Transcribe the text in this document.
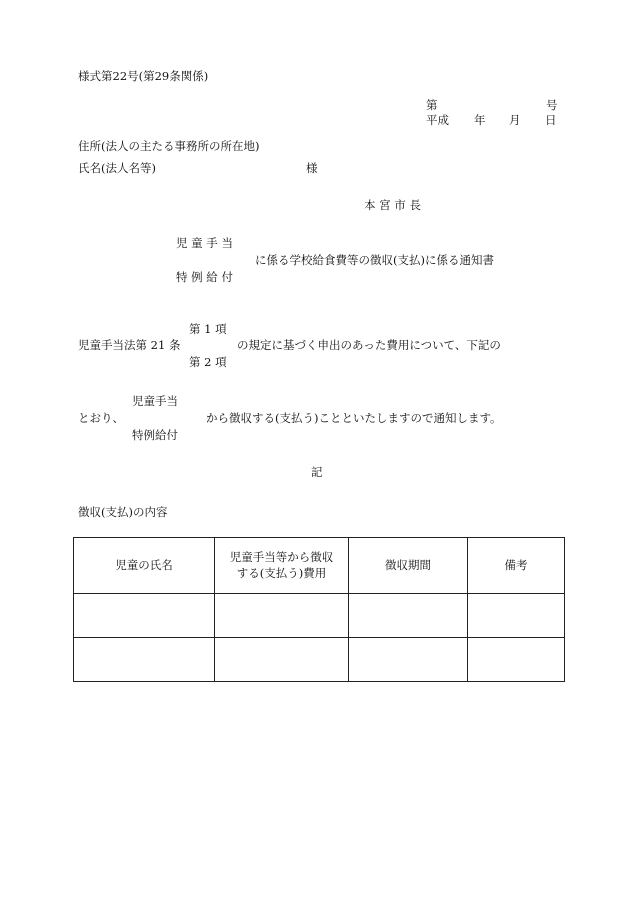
様式第22号(第29条関係)
第	号
平成 年 月 日
住所(法人の主たる事務所の所在地)
氏名(法人名等)	様
本 宮 市 長
児 童 手 当
に係る学校給食費等の徴収(支払)に係る通知書
特 例 給 付
第 1 項
児童手当法第 21 条	の規定に基づく申出のあった費用について、下記の
第 2 項
児童手当
とおり、	から徴収する(支払う)ことといたしますので通知します。
特例給付
記
徴収(支払)の内容
児童の氏名	児童手当等から徴収する(支払う)費用	徴収期間	備考
